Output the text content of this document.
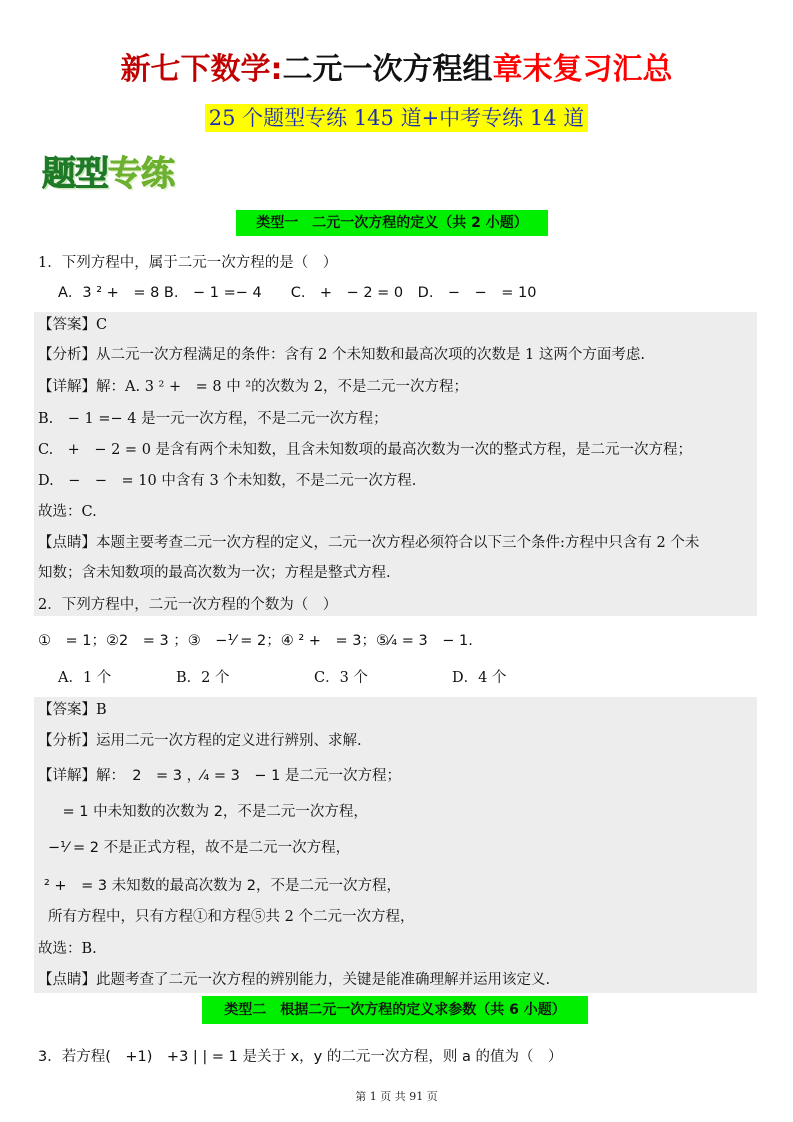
新七下数学:二元一次方程组章末复习汇总
25 个题型专练 145 道+中考专练 14 道
题型专练
类型一　二元一次方程的定义（共 2 小题）
1．下列方程中，属于二元一次方程的是（　）
A．3 ² +　= 8 B.　− 1 =− 4　　C.　+　− 2 = 0　D.　−　−　= 10
【答案】C
【分析】从二元一次方程满足的条件：含有 2 个未知数和最高次项的次数是 1 这两个方面考虑.
【详解】解：A. 3 ² +　= 8 中 ²的次数为 2，不是二元一次方程；
B.　− 1 =− 4 是一元一次方程，不是二元一次方程；
C.　+　− 2 = 0 是含有两个未知数，且含未知数项的最高次数为一次的整式方程，是二元一次方程；
D.　−　−　= 10 中含有 3 个未知数，不是二元一次方程.
故选：C.
【点睛】本题主要考查二元一次方程的定义，二元一次方程必须符合以下三个条件:方程中只含有 2 个未
知数；含未知数项的最高次数为一次；方程是整式方程.
2．下列方程中，二元一次方程的个数为（　）
①　= 1；②2　= 3 ；③　−¹⁄ = 2；④ ² +　= 3；⑤⁄₄ = 3　− 1.
A．1 个	B．2 个	C．3 个	D．4 个
【答案】B
【分析】运用二元一次方程的定义进行辨别、求解.
【详解】解：　2　= 3 ，⁄₄ = 3　− 1 是二元一次方程；
　= 1 中未知数的次数为 2，不是二元一次方程，
−¹⁄ = 2 不是正式方程，故不是二元一次方程，
² +　= 3 未知数的最高次数为 2，不是二元一次方程，
所有方程中，只有方程①和方程⑤共 2 个二元一次方程，
故选：B.
【点睛】此题考查了二元一次方程的辨别能力，关键是能准确理解并运用该定义.
类型二　根据二元一次方程的定义求参数（共 6 小题）
3．若方程(　+1)　+3 | | = 1 是关于 x，y 的二元一次方程，则 a 的值为（　）
第 1 页 共 91 页
